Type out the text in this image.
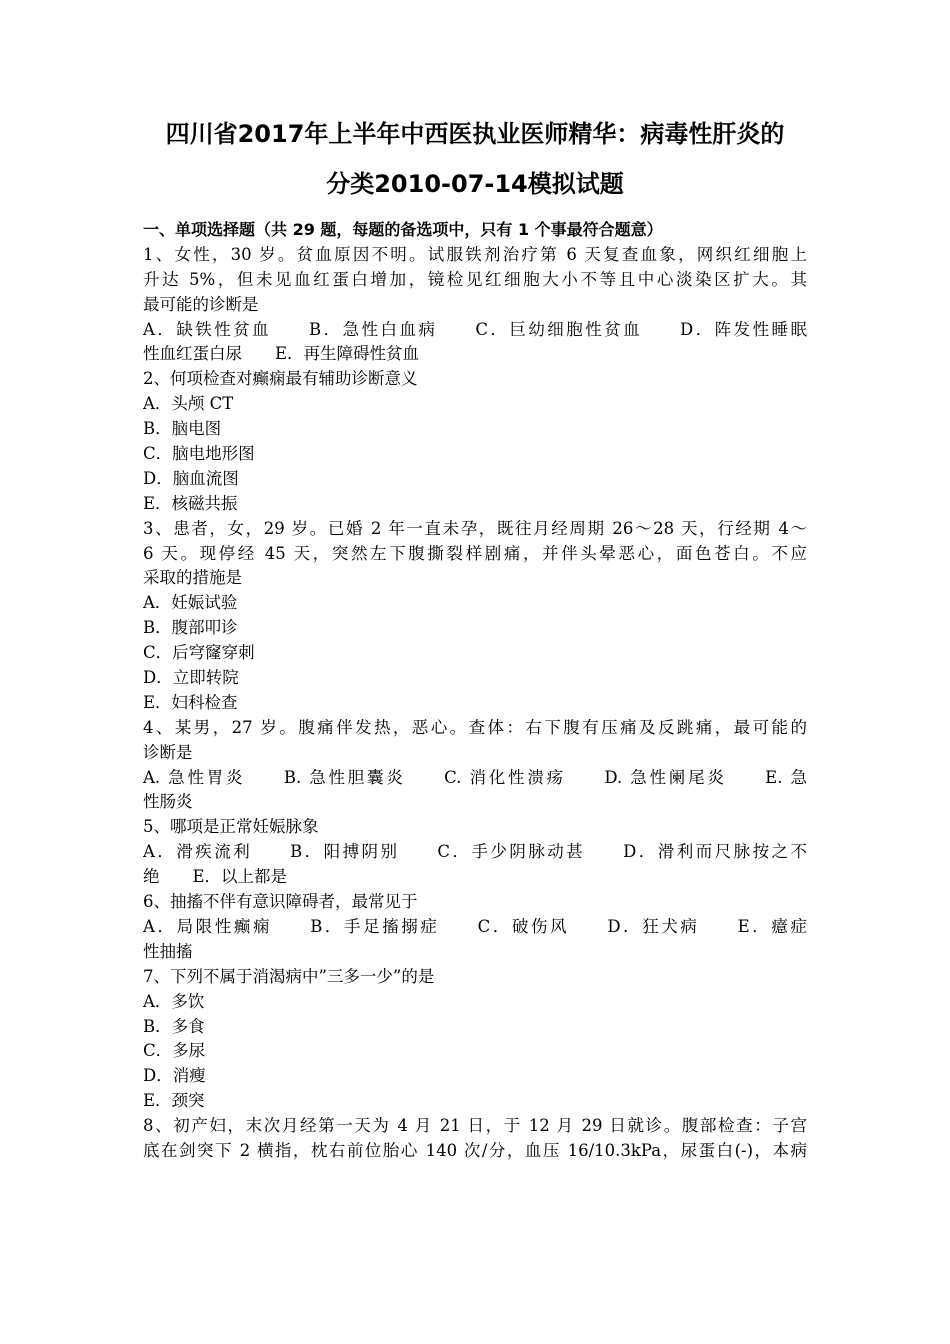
四川省2017年上半年中西医执业医师精华：病毒性肝炎的
分类2010-07-14模拟试题
一、单项选择题（共 29 题，每题的备选项中，只有 1 个事最符合题意）
1、女性，30 岁。贫血原因不明。试服铁剂治疗第 6 天复查血象，网织红细胞上
升达 5%，但未见血红蛋白增加，镜检见红细胞大小不等且中心淡染区扩大。其
最可能的诊断是
A．缺铁性贫血　　B．急性白血病　　C．巨幼细胞性贫血　　D．阵发性睡眠
性血红蛋白尿　　E．再生障碍性贫血
2、何项检查对癫痫最有辅助诊断意义
A．头颅 CT
B．脑电图
C．脑电地形图
D．脑血流图
E．核磁共振
3、患者，女，29 岁。已婚 2 年一直未孕，既往月经周期 26～28 天，行经期 4～
6 天。现停经 45 天，突然左下腹撕裂样剧痛，并伴头晕恶心，面色苍白。不应
采取的措施是
A．妊娠试验
B．腹部叩诊
C．后穹窿穿刺
D．立即转院
E．妇科检查
4、某男，27 岁。腹痛伴发热，恶心。查体：右下腹有压痛及反跳痛，最可能的
诊断是
A. 急性胃炎　　B. 急性胆囊炎　　C. 消化性溃疡　　D. 急性阑尾炎　　E. 急
性肠炎
5、哪项是正常妊娠脉象
A．滑疾流利　　B．阳搏阴别　　C．手少阴脉动甚　　D．滑利而尺脉按之不
绝　　E．以上都是
6、抽搐不伴有意识障碍者，最常见于
A．局限性癫痫　　B．手足搐搦症　　C．破伤风　　D．狂犬病　　E．癔症
性抽搐
7、下列不属于消渴病中”三多一少”的是
A．多饮
B．多食
C．多尿
D．消瘦
E．颈突
8、初产妇，末次月经第一天为 4 月 21 日，于 12 月 29 日就诊。腹部检查：子宫
底在剑突下 2 横指，枕右前位胎心 140 次/分，血压 16/10.3kPa，尿蛋白(-)，本病
